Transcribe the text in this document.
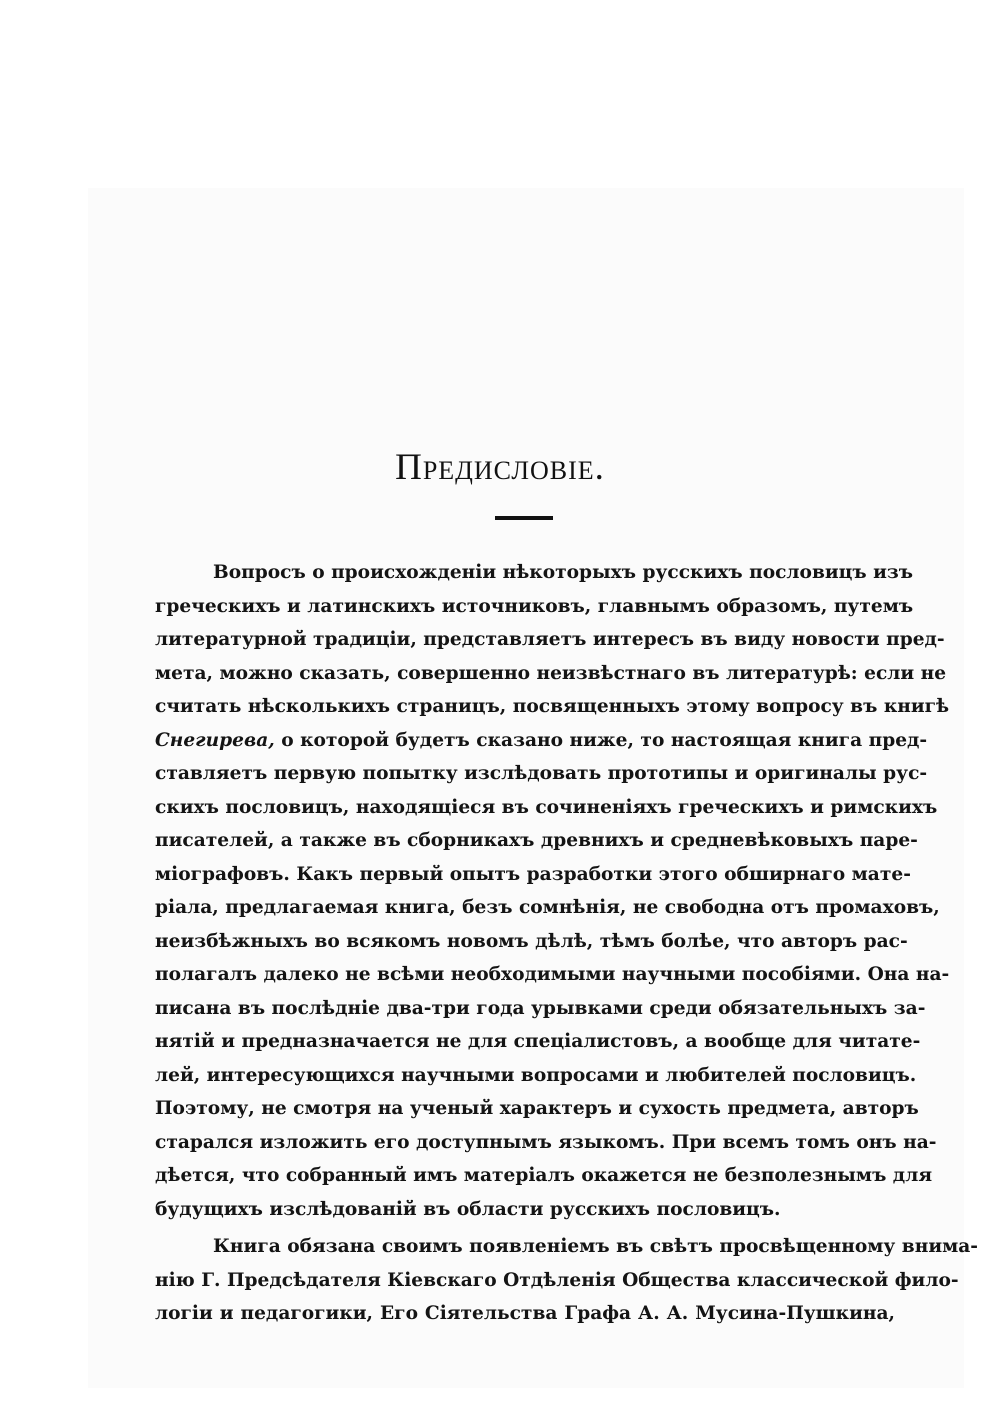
Предисловіе.
Вопросъ о происхожденіи нѣкоторыхъ русскихъ пословицъ изъ
греческихъ и латинскихъ источниковъ, главнымъ образомъ, путемъ
литературной традиціи, представляетъ интересъ въ виду новости пред-
мета, можно сказать, совершенно неизвѣстнаго въ литературѣ: если не
считать нѣсколькихъ страницъ, посвященныхъ этому вопросу въ книгѣ
Снегирева, о которой будетъ сказано ниже, то настоящая книга пред-
ставляетъ первую попытку изслѣдовать прототипы и оригиналы рус-
скихъ пословицъ, находящіеся въ сочиненіяхъ греческихъ и римскихъ
писателей, а также въ сборникахъ древнихъ и средневѣковыхъ паре-
міографовъ. Какъ первый опытъ разработки этого обширнаго мате-
ріала, предлагаемая книга, безъ сомнѣнія, не свободна отъ промаховъ,
неизбѣжныхъ во всякомъ новомъ дѣлѣ, тѣмъ болѣе, что авторъ рас-
полагалъ далеко не всѣми необходимыми научными пособіями. Она на-
писана въ послѣдніе два-три года урывками среди обязательныхъ за-
нятій и предназначается не для спеціалистовъ, а вообще для читате-
лей, интересующихся научными вопросами и любителей пословицъ.
Поэтому, не смотря на ученый характеръ и сухость предмета, авторъ
старался изложить его доступнымъ языкомъ. При всемъ томъ онъ на-
дѣется, что собранный имъ матеріалъ окажется не безполезнымъ для
будущихъ изслѣдованій въ области русскихъ пословицъ.
Книга обязана своимъ появленіемъ въ свѣтъ просвѣщенному внима-
нію Г. Предсѣдателя Кіевскаго Отдѣленія Общества классической фило-
логіи и педагогики, Его Сіятельства Графа А. А. Мусина-Пушкина,
